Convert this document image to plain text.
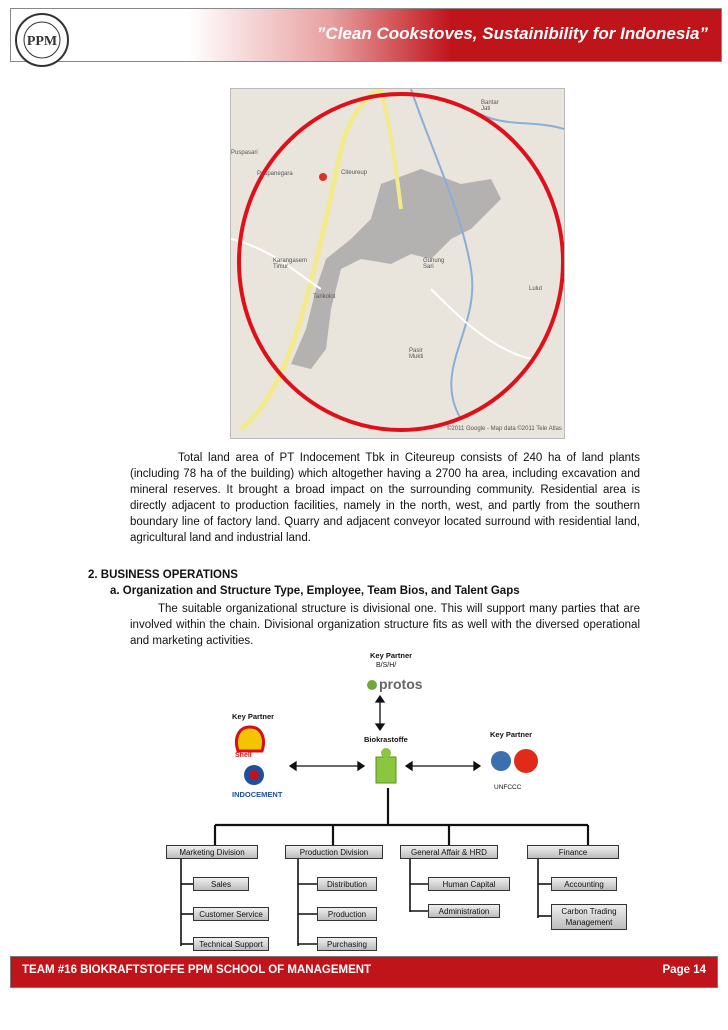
PPM	”Clean Cookstoves, Sustainibility for Indonesia”
Bantar Jati
Puspanegara
Puspasari
Citeureup
Karangasem Timur
Gunung Sari
Tarikolot
Lulut
Pasir Mukti
©2011 Google - Map data ©2011 Tele Atlas
Total land area of PT Indocement Tbk in Citeureup consists of 240 ha of land plants (including 78 ha of the building) which altogether having a 2700 ha area, including excavation and mineral reserves. It brought a broad impact on the surrounding community. Residential area is directly adjacent to production facilities, namely in the north, west, and partly from the southern boundary line of factory land. Quarry and adjacent conveyor located surround with residential land, agricultural land and industrial land.
2. BUSINESS OPERATIONS
a. Organization and Structure Type, Employee, Team Bios, and Talent Gaps
The suitable organizational structure is divisional one. This will support many parties that are involved within the chain. Divisional organization structure fits as well with the diversed operational and marketing activities.
Key Partner
B/S/H/
protos
Key Partner
Shell
INDOCEMENT
Biokrastoffe
Key Partner
UNFCCC
Marketing Division	Production Division	General Affair & HRD	Finance
Sales
Customer Service
Technical Support
Distribution
Production
Purchasing
Human Capital
Administration
Accounting
Carbon Trading Management
TEAM #16 BIOKRAFTSTOFFE PPM SCHOOL OF MANAGEMENT	Page 14
